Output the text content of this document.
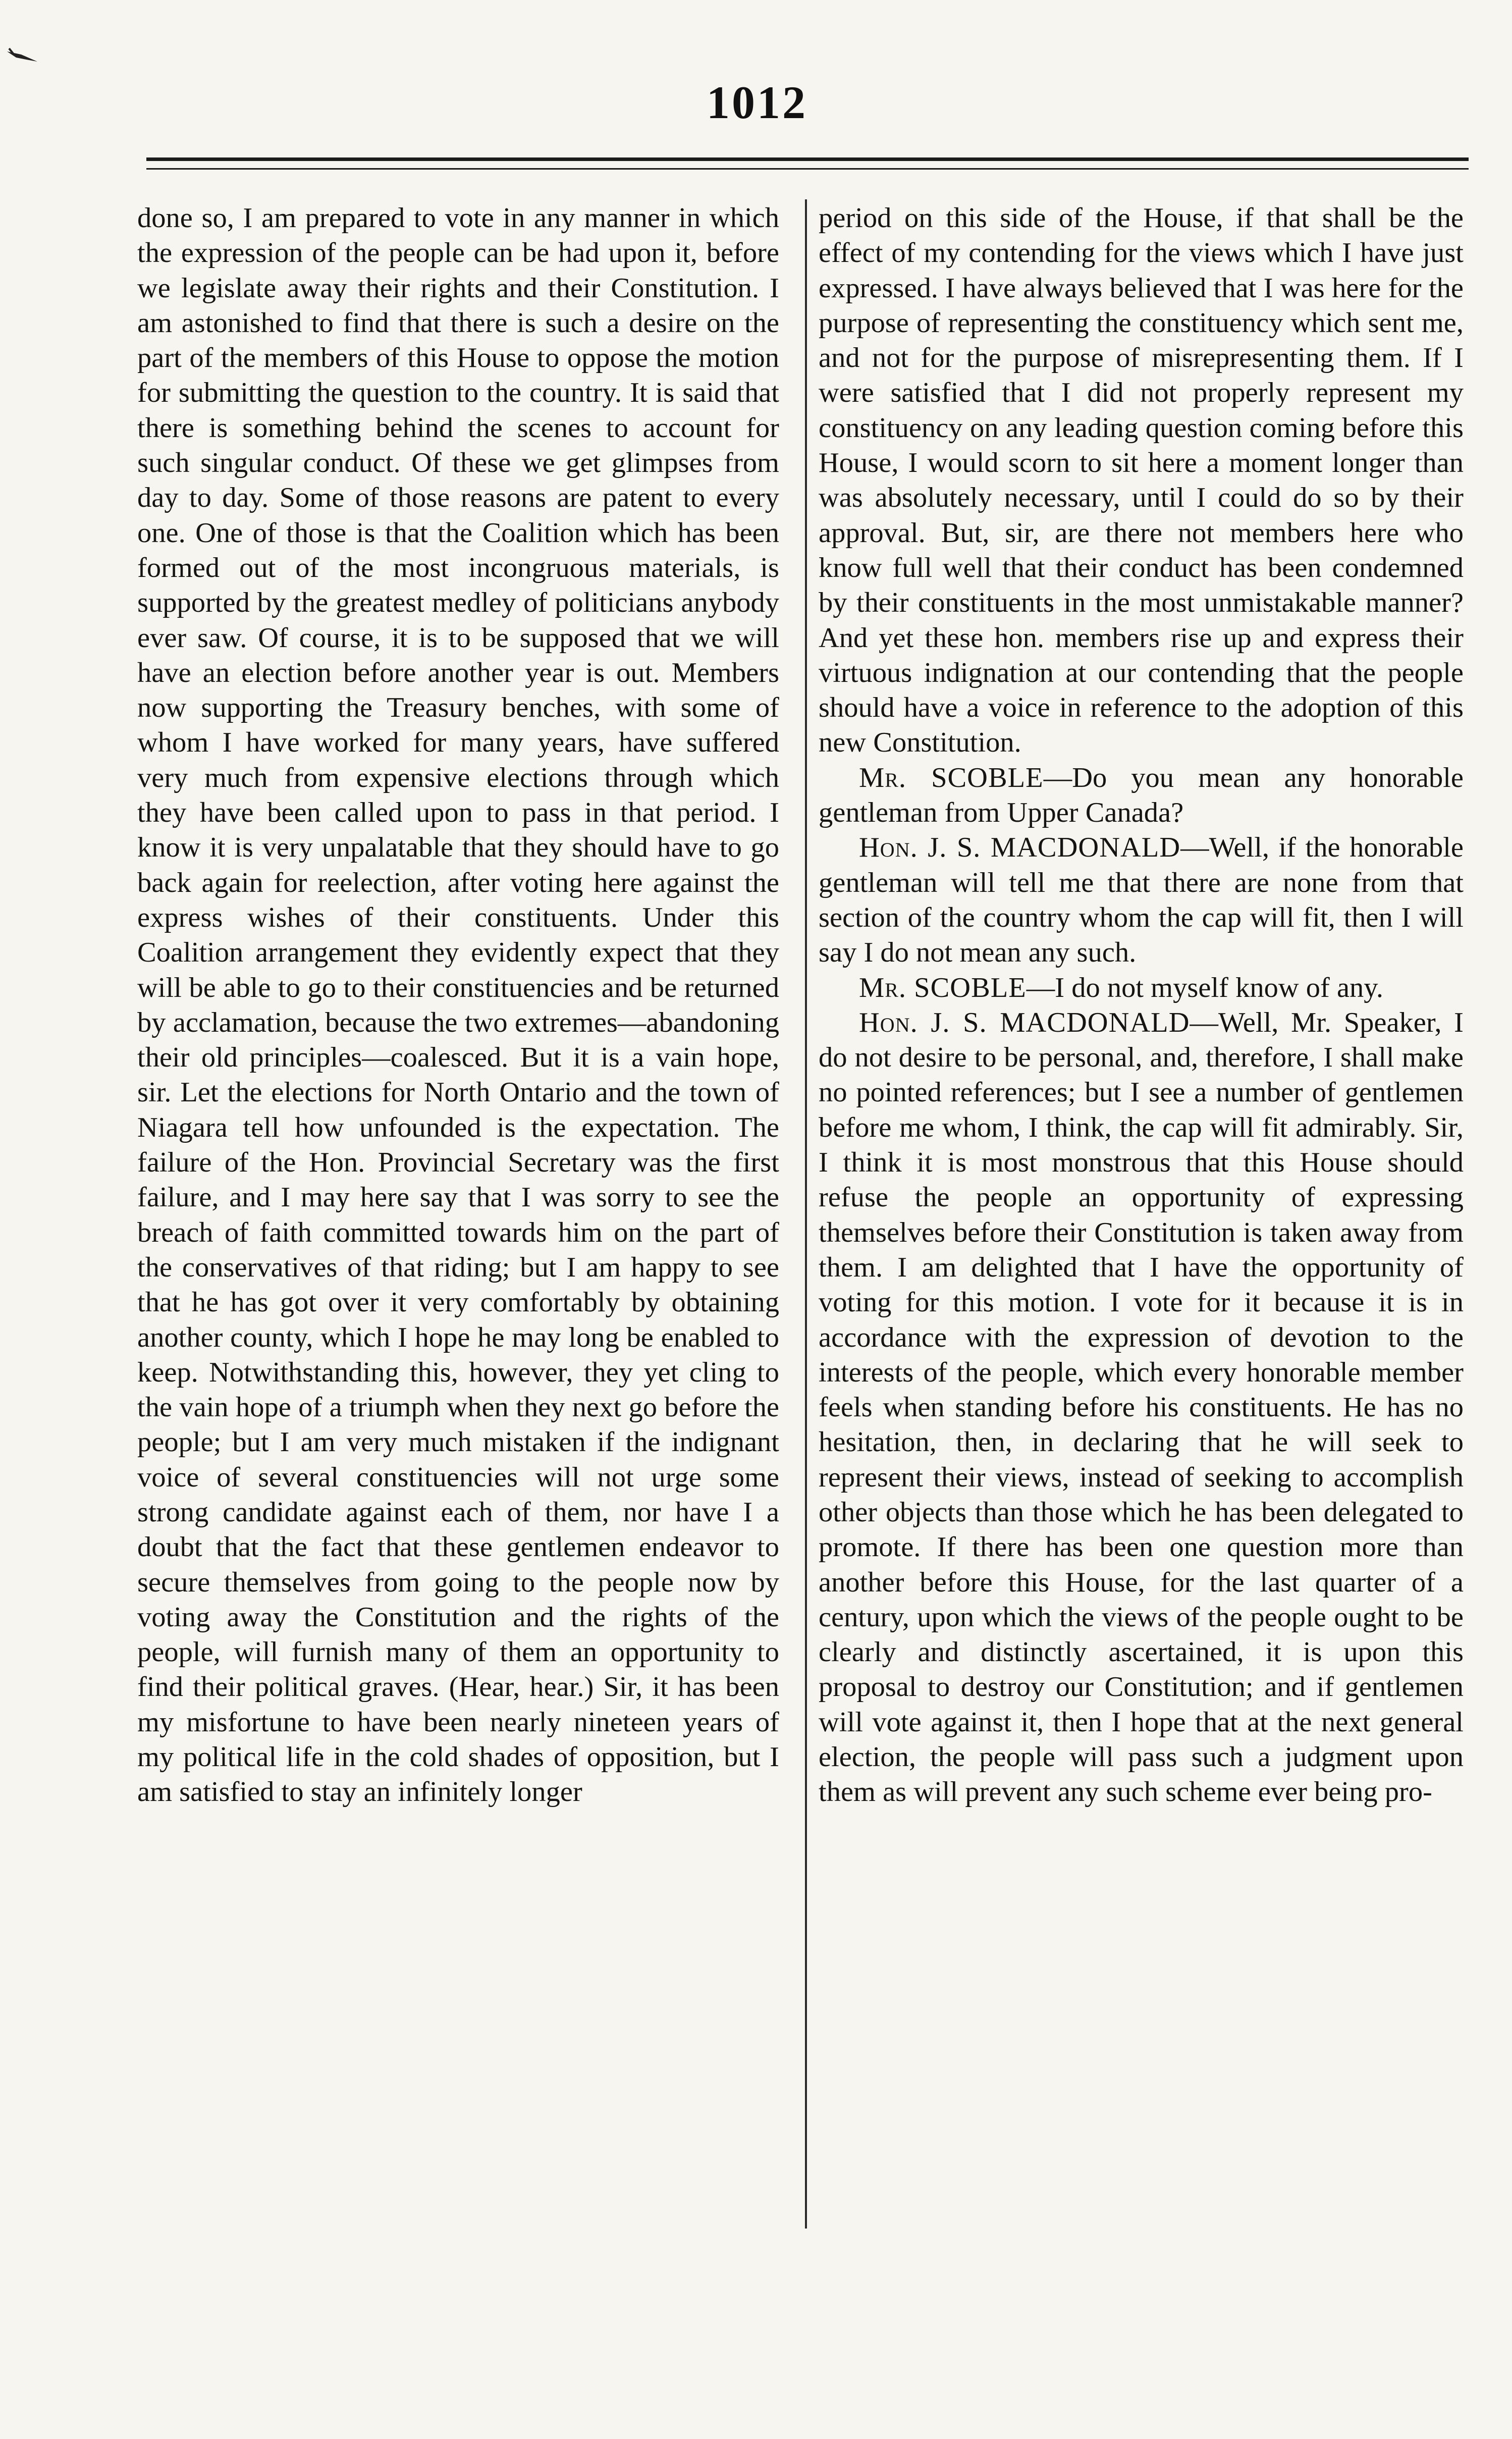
1012

done so, I am prepared to vote in any manner in which the expression of the people can be had upon it, before we legislate away their rights and their Constitution. I am astonished to find that there is such a desire on the part of the members of this House to oppose the motion for submitting the question to the country. It is said that there is something behind the scenes to account for such singular conduct. Of these we get glimpses from day to day. Some of those reasons are patent to every one. One of those is that the Coalition which has been formed out of the most incongruous materials, is supported by the greatest medley of politicians anybody ever saw. Of course, it is to be supposed that we will have an election before another year is out. Members now supporting the Treasury benches, with some of whom I have worked for many years, have suffered very much from expensive elections through which they have been called upon to pass in that period. I know it is very unpalatable that they should have to go back again for reelection, after voting here against the express wishes of their constituents. Under this Coalition arrangement they evidently expect that they will be able to go to their constituencies and be returned by acclamation, because the two extremes—abandoning their old principles—coalesced. But it is a vain hope, sir. Let the elections for North Ontario and the town of Niagara tell how unfounded is the expectation. The failure of the Hon. Provincial Secretary was the first failure, and I may here say that I was sorry to see the breach of faith committed towards him on the part of the conservatives of that riding; but I am happy to see that he has got over it very comfortably by obtaining another county, which I hope he may long be enabled to keep. Notwithstanding this, however, they yet cling to the vain hope of a triumph when they next go before the people; but I am very much mistaken if the indignant voice of several constituencies will not urge some strong candidate against each of them, nor have I a doubt that the fact that these gentlemen endeavor to secure themselves from going to the people now by voting away the Constitution and the rights of the people, will furnish many of them an opportunity to find their political graves. (Hear, hear.) Sir, it has been my misfortune to have been nearly nineteen years of my political life in the cold shades of opposition, but I am satisfied to stay an infinitely longer

period on this side of the House, if that shall be the effect of my contending for the views which I have just expressed. I have always believed that I was here for the purpose of representing the constituency which sent me, and not for the purpose of misrepresenting them. If I were satisfied that I did not properly represent my constituency on any leading question coming before this House, I would scorn to sit here a moment longer than was absolutely necessary, until I could do so by their approval. But, sir, are there not members here who know full well that their conduct has been condemned by their constituents in the most unmistakable manner? And yet these hon. members rise up and express their virtuous indignation at our contending that the people should have a voice in reference to the adoption of this new Constitution.

Mr. SCOBLE—Do you mean any honorable gentleman from Upper Canada?

Hon. J. S. MACDONALD—Well, if the honorable gentleman will tell me that there are none from that section of the country whom the cap will fit, then I will say I do not mean any such.

Mr. SCOBLE—I do not myself know of any.

Hon. J. S. MACDONALD—Well, Mr. Speaker, I do not desire to be personal, and, therefore, I shall make no pointed references; but I see a number of gentlemen before me whom, I think, the cap will fit admirably. Sir, I think it is most monstrous that this House should refuse the people an opportunity of expressing themselves before their Constitution is taken away from them. I am delighted that I have the opportunity of voting for this motion. I vote for it because it is in accordance with the expression of devotion to the interests of the people, which every honorable member feels when standing before his constituents. He has no hesitation, then, in declaring that he will seek to represent their views, instead of seeking to accomplish other objects than those which he has been delegated to promote. If there has been one question more than another before this House, for the last quarter of a century, upon which the views of the people ought to be clearly and distinctly ascertained, it is upon this proposal to destroy our Constitution; and if gentlemen will vote against it, then I hope that at the next general election, the people will pass such a judgment upon them as will prevent any such scheme ever being pro-
